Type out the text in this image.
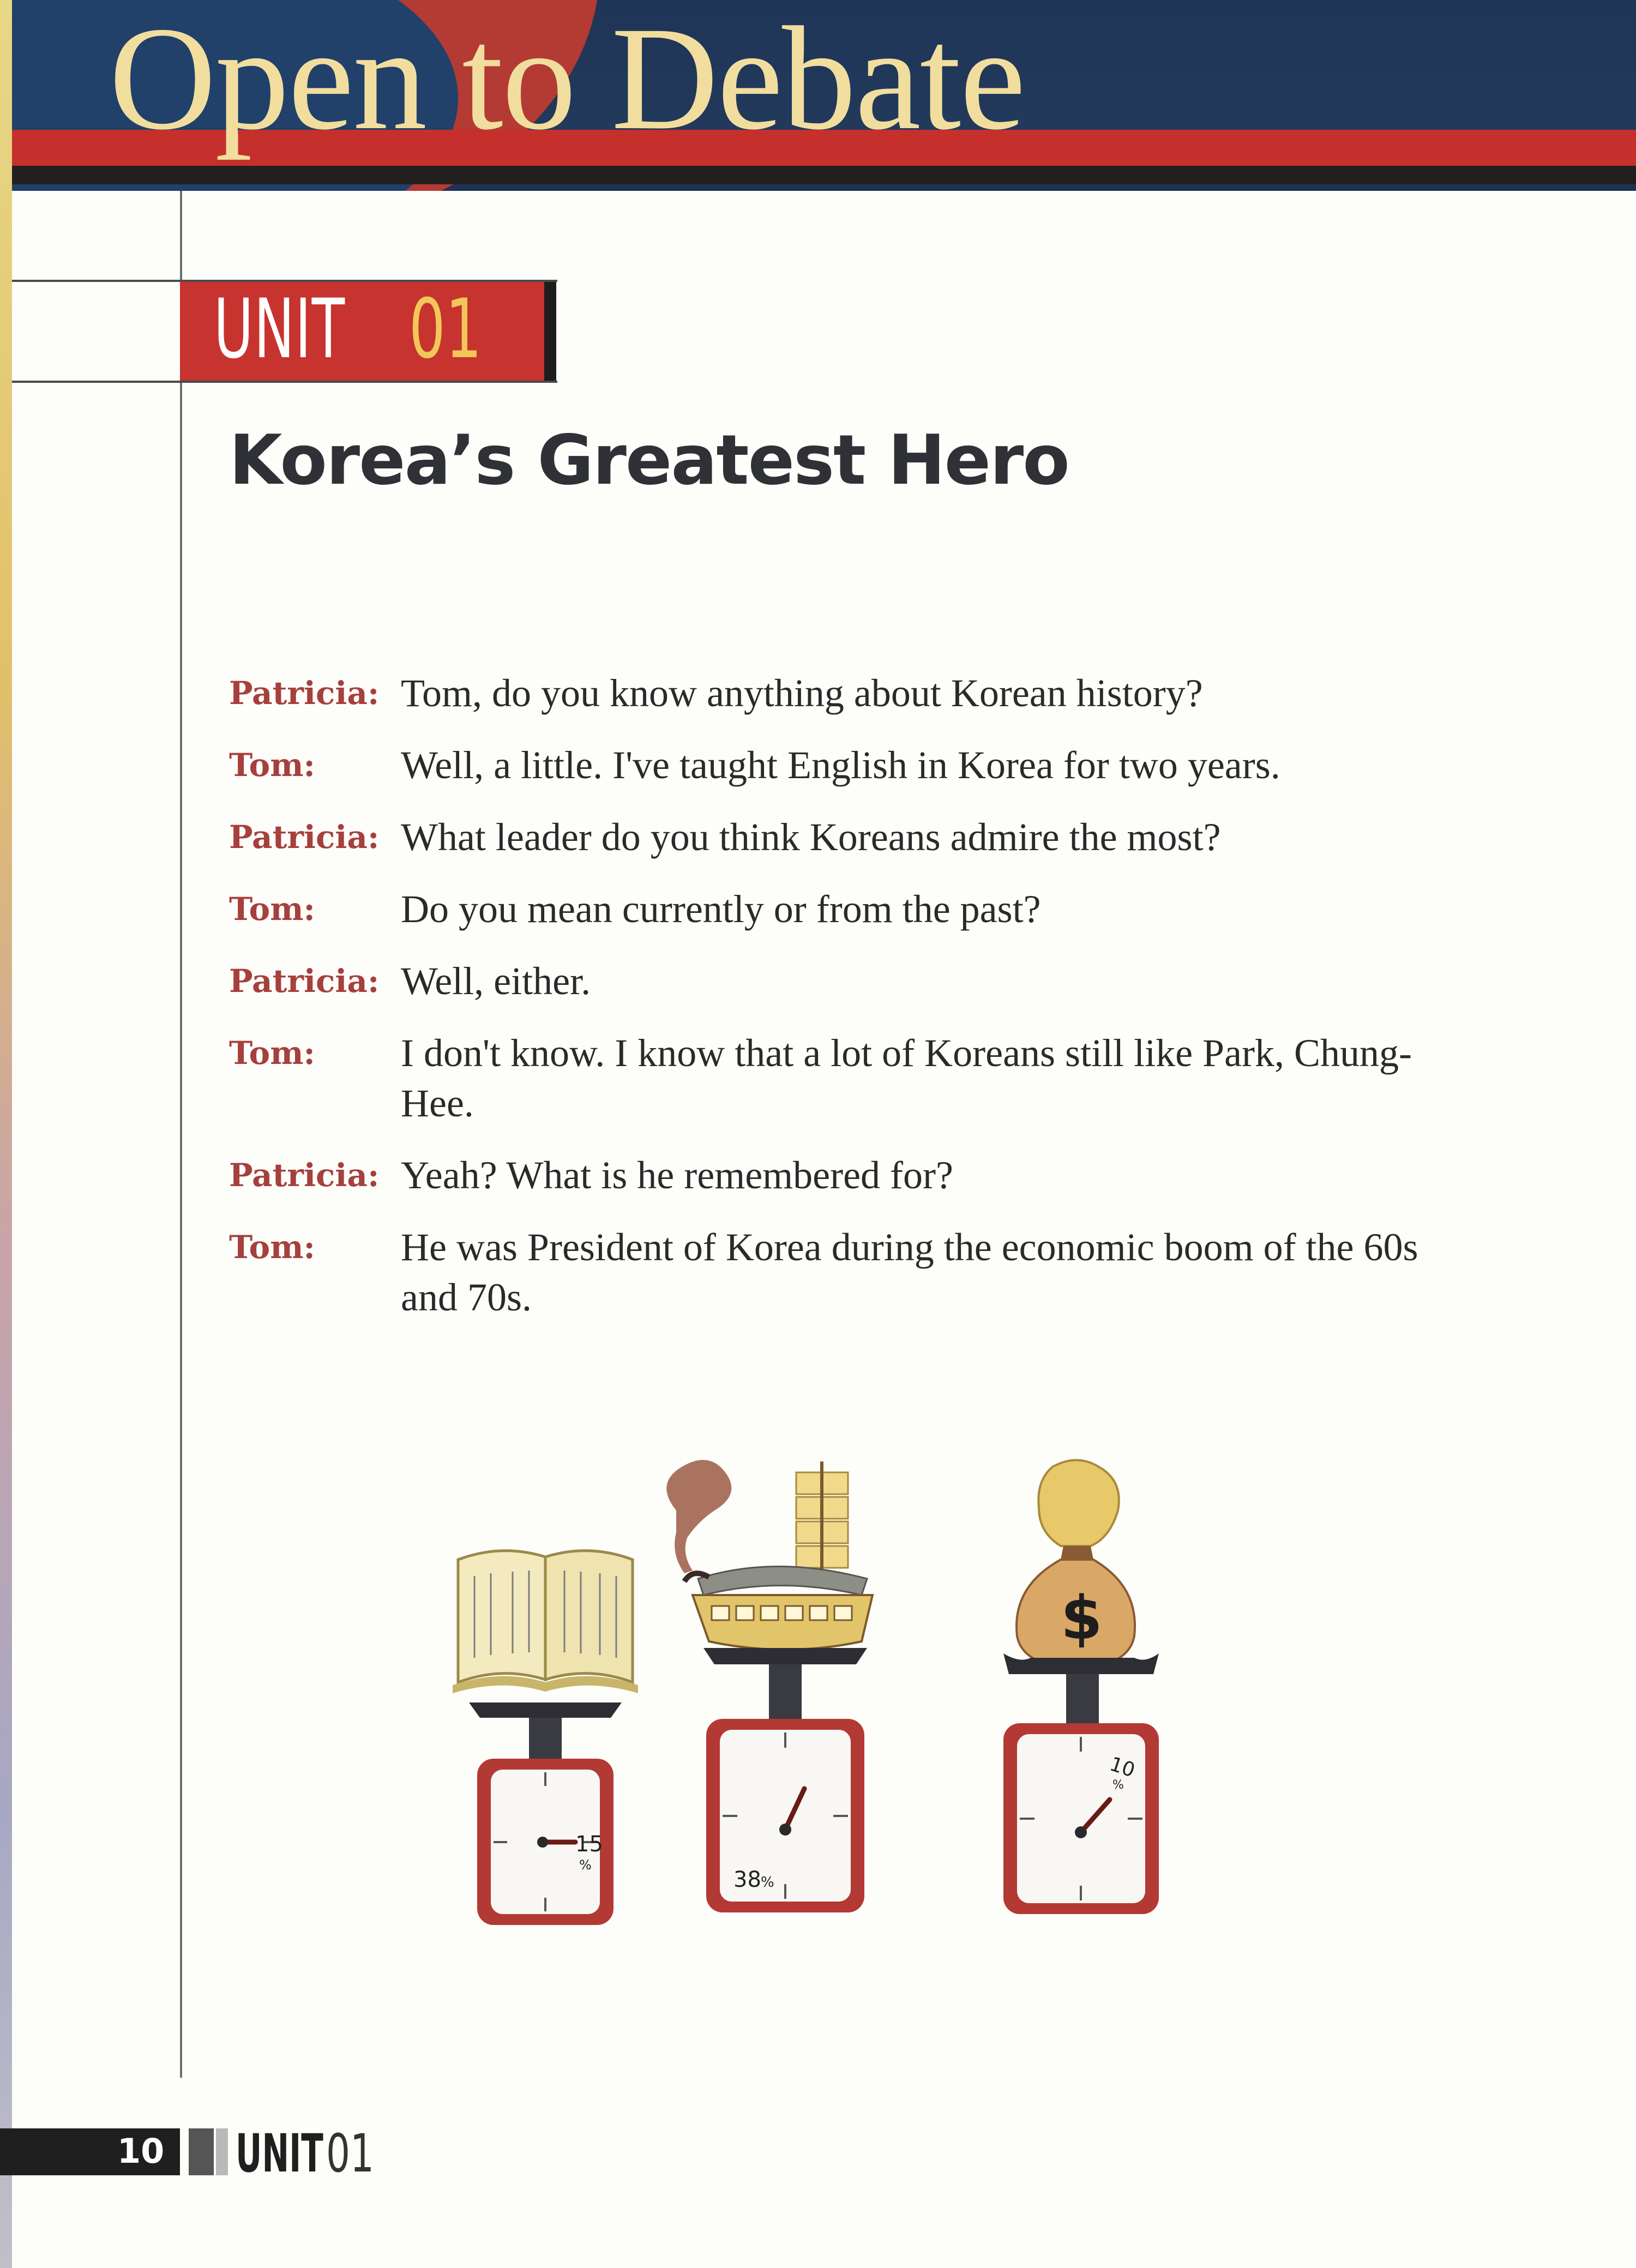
Open to Debate
UNIT 01
Korea’s Greatest Hero
Patricia: Tom, do you know anything about Korean history?
Tom:	Well, a little. I've taught English in Korea for two years.
Patricia: What leader do you think Koreans admire the most?
Tom:	Do you mean currently or from the past?
Patricia: Well, either.
Tom:	I don't know. I know that a lot of Koreans still like Park, Chung-Hee.
Patricia: Yeah? What is he remembered for?
Tom:	He was President of Korea during the economic boom of the 60s and 70s.
15
%
38 %
$
10
%
10 UNIT 01
